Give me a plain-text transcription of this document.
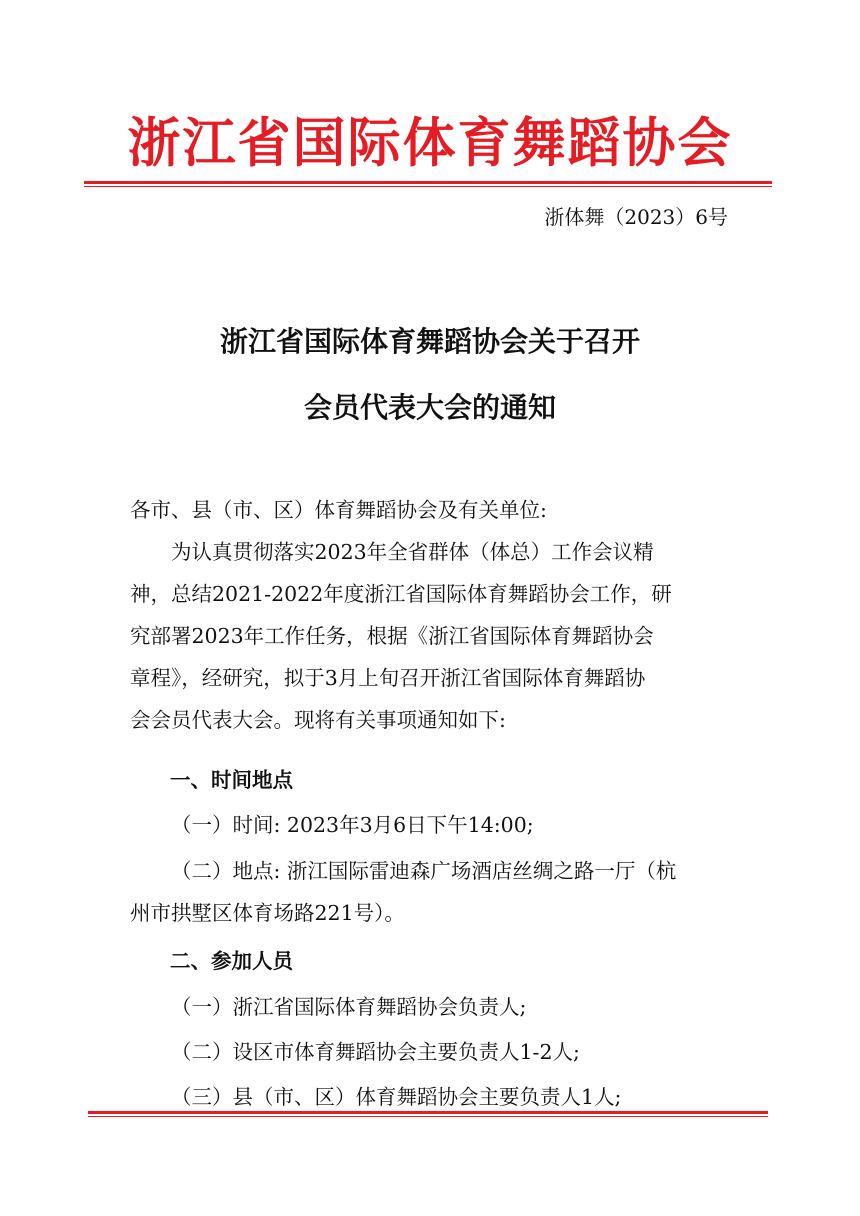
浙江省国际体育舞蹈协会
浙体舞（2023）6号
浙江省国际体育舞蹈协会关于召开
会员代表大会的通知
各市、县（市、区）体育舞蹈协会及有关单位:
为认真贯彻落实2023年全省群体（体总）工作会议精
神，总结2021-2022年度浙江省国际体育舞蹈协会工作，研
究部署2023年工作任务，根据《浙江省国际体育舞蹈协会
章程》，经研究，拟于3月上旬召开浙江省国际体育舞蹈协
会会员代表大会。现将有关事项通知如下:
一、时间地点
（一）时间: 2023年3月6日下午14:00;
（二）地点: 浙江国际雷迪森广场酒店丝绸之路一厅（杭
州市拱墅区体育场路221号）。
二、参加人员
（一）浙江省国际体育舞蹈协会负责人;
（二）设区市体育舞蹈协会主要负责人1-2人;
（三）县（市、区）体育舞蹈协会主要负责人1人;
